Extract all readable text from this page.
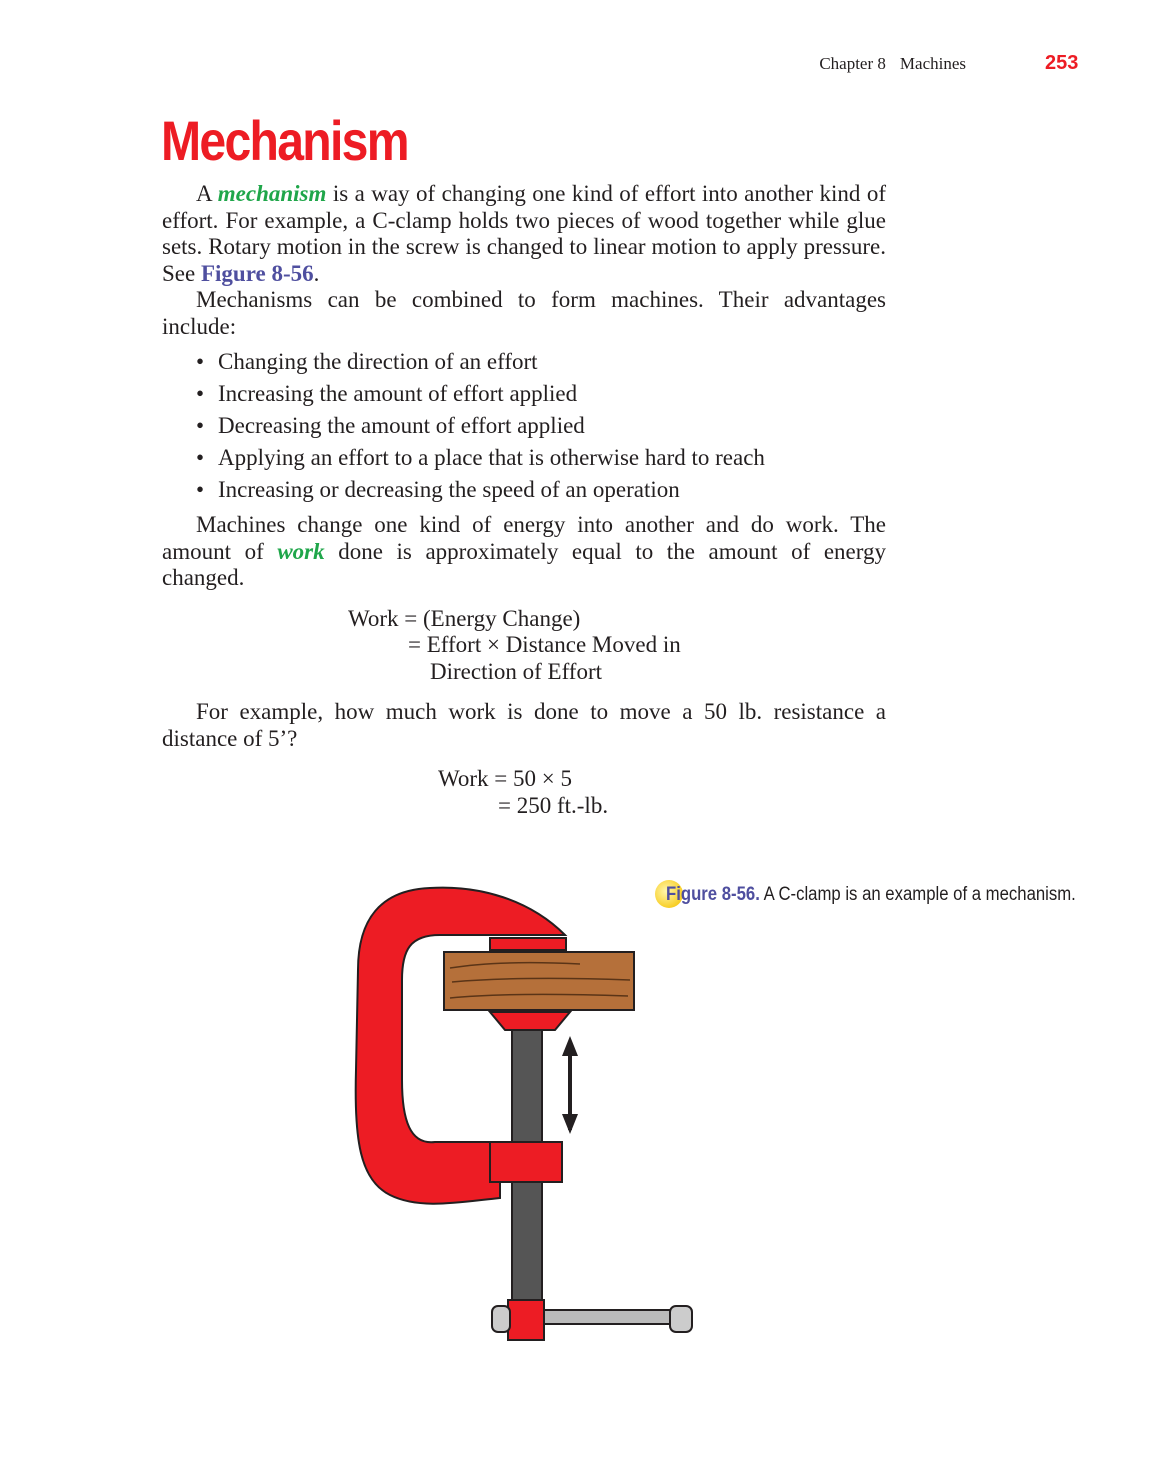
Chapter 8 Machines	253
Mechanism

A mechanism is a way of changing one kind of effort into another kind of effort. For example, a C-clamp holds two pieces of wood together while glue sets. Rotary motion in the screw is changed to linear motion to apply pressure. See Figure 8-56.

Mechanisms can be combined to form machines. Their advantages include:

• Changing the direction of an effort
• Increasing the amount of effort applied
• Decreasing the amount of effort applied
• Applying an effort to a place that is otherwise hard to reach
• Increasing or decreasing the speed of an operation

Machines change one kind of energy into another and do work. The amount of work done is approximately equal to the amount of energy changed.

Work = (Energy Change)
= Effort × Distance Moved in
Direction of Effort

For example, how much work is done to move a 50 lb. resistance a distance of 5’?

Work = 50 × 5
= 250 ft.-lb.
Figure 8-56. A C-clamp is an example of a mechanism.
